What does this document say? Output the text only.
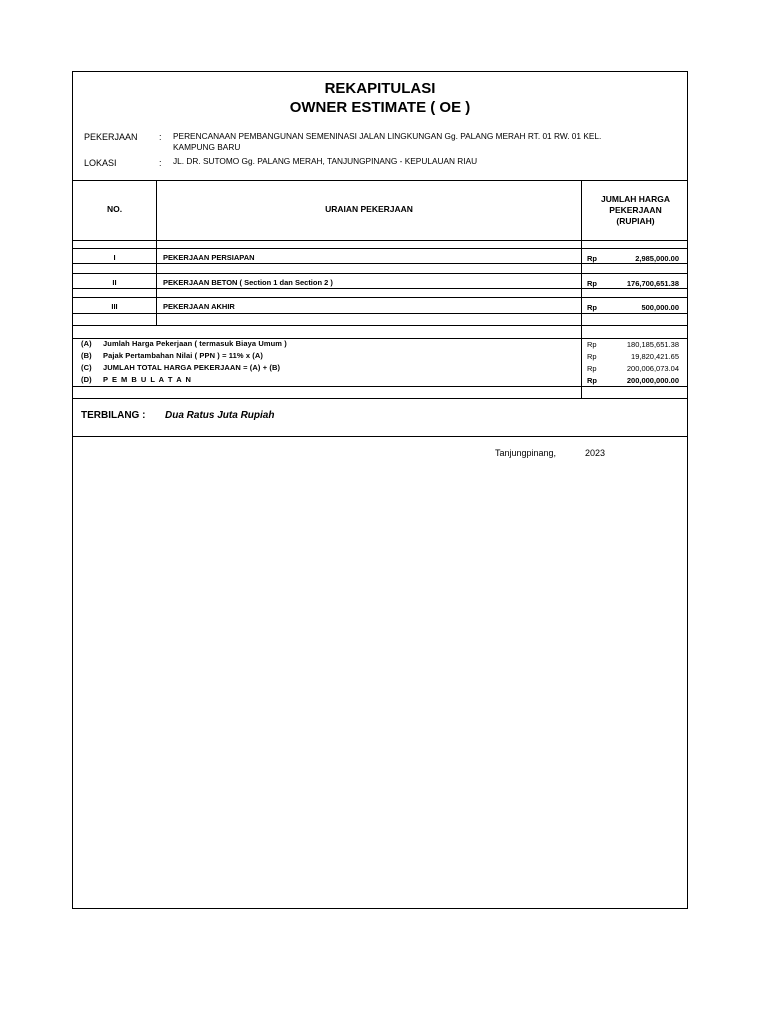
REKAPITULASI
OWNER ESTIMATE ( OE )
PEKERJAAN : PERENCANAAN PEMBANGUNAN SEMENINASI JALAN LINGKUNGAN Gg. PALANG MERAH RT. 01 RW. 01 KEL.
KAMPUNG BARU
LOKASI	: JL. DR. SUTOMO Gg. PALANG MERAH, TANJUNGPINANG - KEPULAUAN RIAU
NO.	URAIAN PEKERJAAN
JUMLAH HARGA
PEKERJAAN
(RUPIAH)
I	PEKERJAAN PERSIAPAN	Rp	2,985,000.00
II	PEKERJAAN BETON ( Section 1 dan Section 2 )	Rp	176,700,651.38
III	PEKERJAAN AKHIR	Rp	500,000.00
(A) Jumlah Harga Pekerjaan ( termasuk Biaya Umum )	Rp	180,185,651.38
(B) Pajak Pertambahan Nilai ( PPN ) = 11% x (A)	Rp	19,820,421.65
(C) JUMLAH TOTAL HARGA PEKERJAAN = (A) + (B)	Rp	200,006,073.04
(D) P E M B U L A T A N	Rp	200,000,000.00
TERBILANG : Dua Ratus Juta Rupiah
Tanjungpinang,	2023
